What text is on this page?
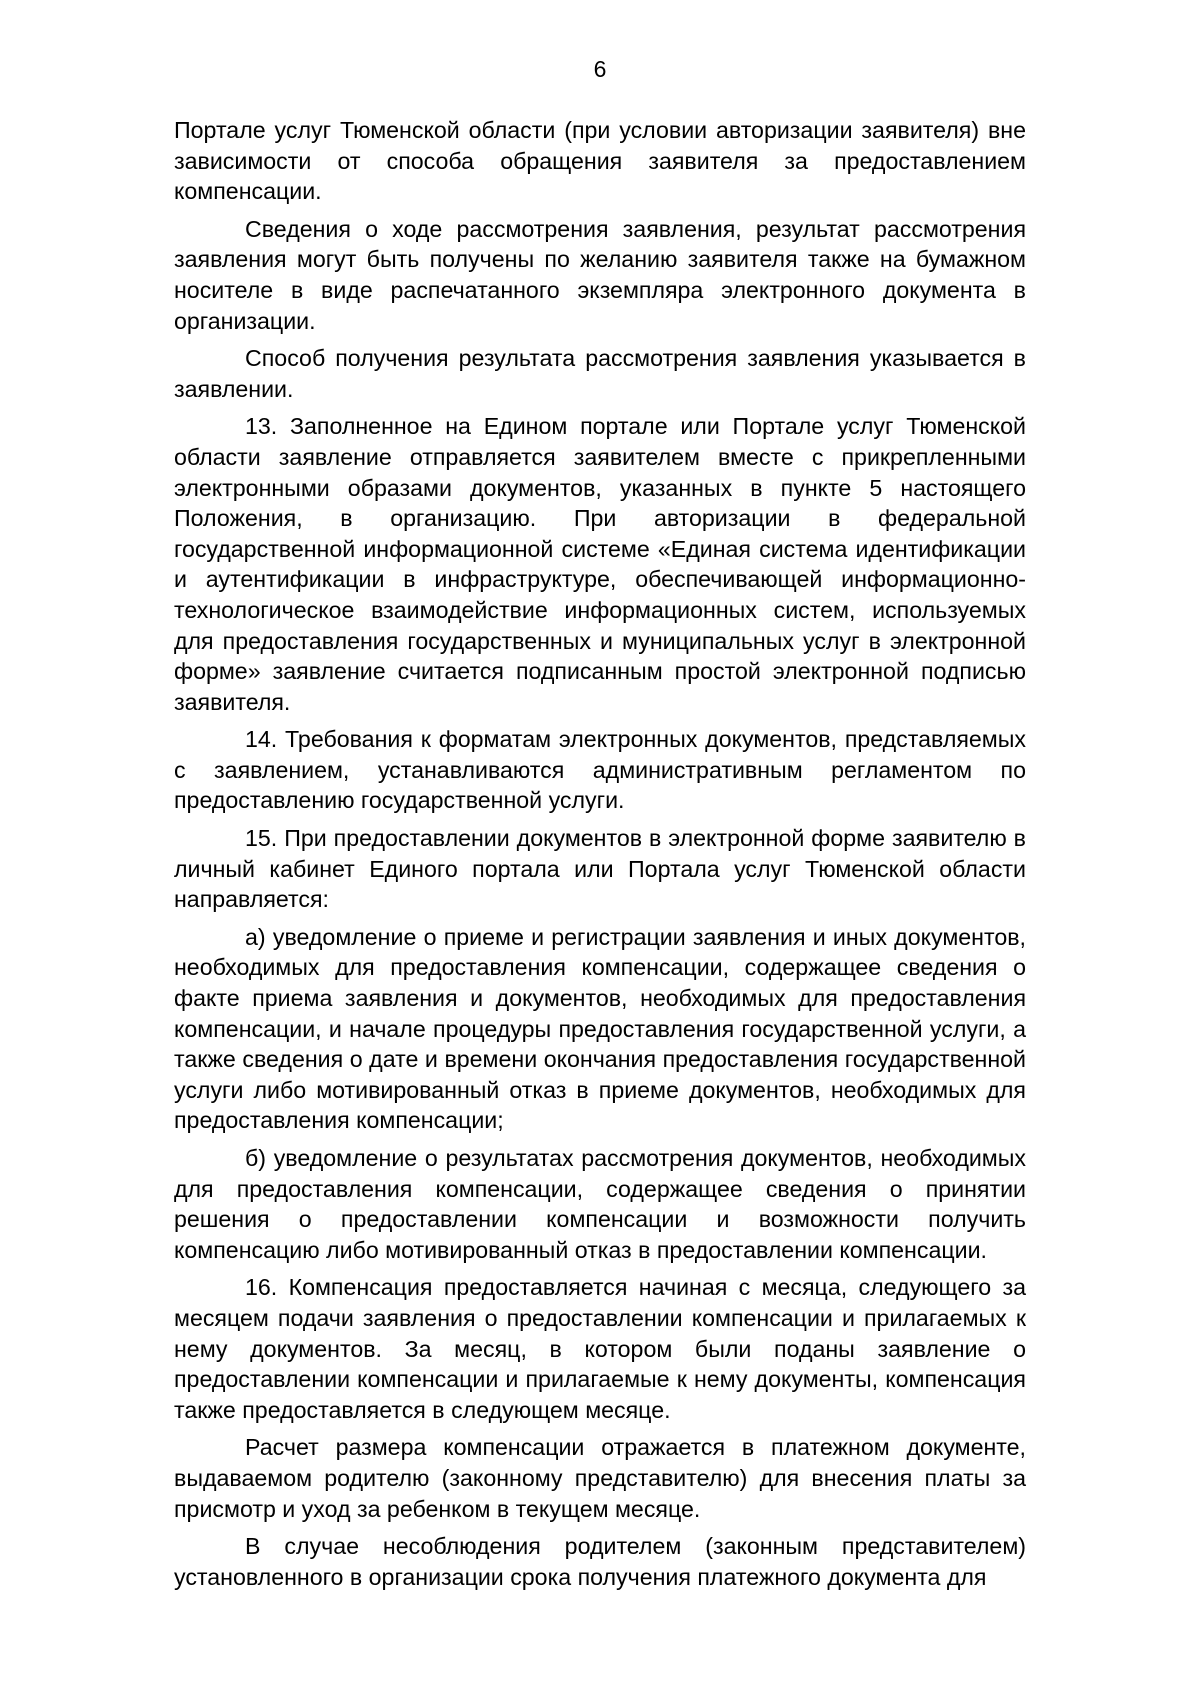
6

Портале услуг Тюменской области (при условии авторизации заявителя) вне зависимости от способа обращения заявителя за предоставлением компенсации.

Сведения о ходе рассмотрения заявления, результат рассмотрения заявления могут быть получены по желанию заявителя также на бумажном носителе в виде распечатанного экземпляра электронного документа в организации.

Способ получения результата рассмотрения заявления указывается в заявлении.

13. Заполненное на Едином портале или Портале услуг Тюменской области заявление отправляется заявителем вместе с прикрепленными электронными образами документов, указанных в пункте 5 настоящего Положения, в организацию. При авторизации в федеральной государственной информационной системе «Единая система идентификации и аутентификации в инфраструктуре, обеспечивающей информационно-технологическое взаимодействие информационных систем, используемых для предоставления государственных и муниципальных услуг в электронной форме» заявление считается подписанным простой электронной подписью заявителя.

14. Требования к форматам электронных документов, представляемых с заявлением, устанавливаются административным регламентом по предоставлению государственной услуги.

15. При предоставлении документов в электронной форме заявителю в личный кабинет Единого портала или Портала услуг Тюменской области направляется:

а) уведомление о приеме и регистрации заявления и иных документов, необходимых для предоставления компенсации, содержащее сведения о факте приема заявления и документов, необходимых для предоставления компенсации, и начале процедуры предоставления государственной услуги, а также сведения о дате и времени окончания предоставления государственной услуги либо мотивированный отказ в приеме документов, необходимых для предоставления компенсации;

б) уведомление о результатах рассмотрения документов, необходимых для предоставления компенсации, содержащее сведения о принятии решения о предоставлении компенсации и возможности получить компенсацию либо мотивированный отказ в предоставлении компенсации.

16. Компенсация предоставляется начиная с месяца, следующего за месяцем подачи заявления о предоставлении компенсации и прилагаемых к нему документов. За месяц, в котором были поданы заявление о предоставлении компенсации и прилагаемые к нему документы, компенсация также предоставляется в следующем месяце.

Расчет размера компенсации отражается в платежном документе, выдаваемом родителю (законному представителю) для внесения платы за присмотр и уход за ребенком в текущем месяце.

В случае несоблюдения родителем (законным представителем) установленного в организации срока получения платежного документа для
